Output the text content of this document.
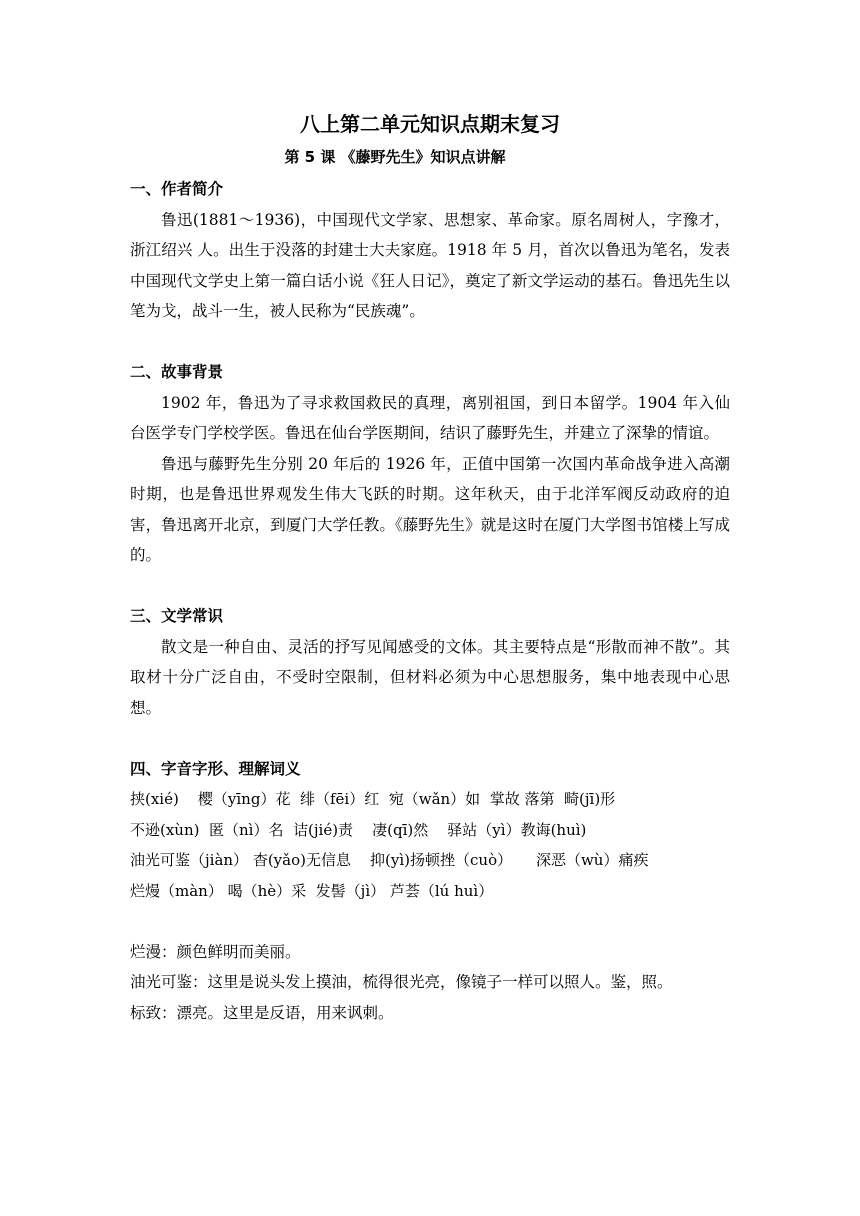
八上第二单元知识点期末复习
第 5 课 《藤野先生》知识点讲解

一、作者简介

鲁迅(1881～1936)，中国现代文学家、思想家、革命家。原名周树人，字豫才，浙江绍兴 人。出生于没落的封建士大夫家庭。1918 年 5 月，首次以鲁迅为笔名，发表中国现代文学史上第一篇白话小说《狂人日记》，奠定了新文学运动的基石。鲁迅先生以笔为戈，战斗一生，被人民称为“民族魂”。

二、故事背景

1902 年，鲁迅为了寻求救国救民的真理，离别祖国，到日本留学。1904 年入仙台医学专门学校学医。鲁迅在仙台学医期间，结识了藤野先生，并建立了深挚的情谊。

鲁迅与藤野先生分别 20 年后的 1926 年，正值中国第一次国内革命战争进入高潮时期，也是鲁迅世界观发生伟大飞跃的时期。这年秋天，由于北洋军阀反动政府的迫害，鲁迅离开北京，到厦门大学任教。《藤野先生》就是这时在厦门大学图书馆楼上写成的。

三、文学常识

散文是一种自由、灵活的抒写见闻感受的文体。其主要特点是“形散而神不散”。其取材十分广泛自由，不受时空限制，但材料必须为中心思想服务，集中地表现中心思想。

四、字音字形、理解词义

挟(xié)    樱（yīng）花  绯（fēi）红  宛（wǎn）如  掌故 落第  畸(jī)形

不逊(xùn)  匿（nì）名  诘(jié)责    凄(qī)然    驿站（yì）教诲(huì)

油光可鉴（jiàn） 杳(yǎo)无信息    抑(yì)扬顿挫（cuò）     深恶（wù）痛疾

烂熳（màn） 喝（hè）采  发髻（jì） 芦荟（lú huì）

烂漫：颜色鲜明而美丽。

油光可鉴：这里是说头发上摸油，梳得很光亮，像镜子一样可以照人。鉴，照。

标致：漂亮。这里是反语，用来讽刺。
